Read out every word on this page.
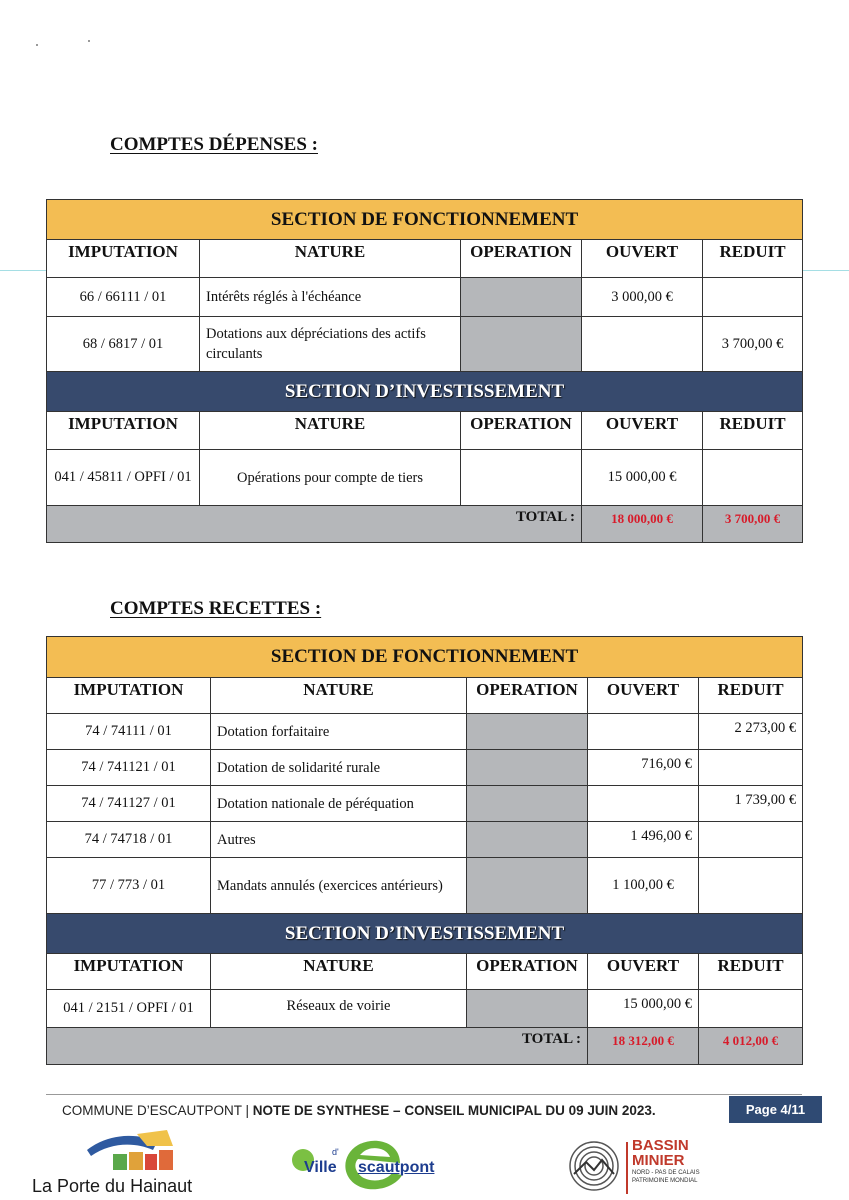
COMPTES DÉPENSES :
SECTION DE FONCTIONNEMENT				
IMPUTATION	NATURE	OPERATION	OUVERT	REDUIT
66 / 66111 / 01	Intérêts réglés à l'échéance		3 000,00 €	
68 / 6817 / 01	Dotations aux dépréciations des actifs circulants			3 700,00 €
SECTION D’INVESTISSEMENT				
IMPUTATION	NATURE	OPERATION	OUVERT	REDUIT
041 / 45811 / OPFI / 01	Opérations pour compte de tiers		15 000,00 €	
TOTAL :			18 000,00 €	3 700,00 €
COMPTES RECETTES :
SECTION DE FONCTIONNEMENT				
IMPUTATION	NATURE	OPERATION	OUVERT	REDUIT
74 / 74111 / 01	Dotation forfaitaire			2 273,00 €
74 / 741121 / 01	Dotation de solidarité rurale		716,00 €	
74 / 741127 / 01	Dotation nationale de péréquation			1 739,00 €
74 / 74718 / 01	Autres		1 496,00 €	
77 / 773 / 01	Mandats annulés (exercices antérieurs)		1 100,00 €	
SECTION D’INVESTISSEMENT				
IMPUTATION	NATURE	OPERATION	OUVERT	REDUIT
041 / 2151 / OPFI / 01	Réseaux de voirie		15 000,00 €	
TOTAL :			18 312,00 €	4 012,00 €
COMMUNE D’ESCAUTPONT | NOTE DE SYNTHESE – CONSEIL MUNICIPAL DU 09 JUIN 2023.	Page 4/11
La Porte du Hainaut
Ville
d'
scautpont
BASSIN
MINIER
NORD - PAS DE CALAIS
PATRIMOINE MONDIAL
